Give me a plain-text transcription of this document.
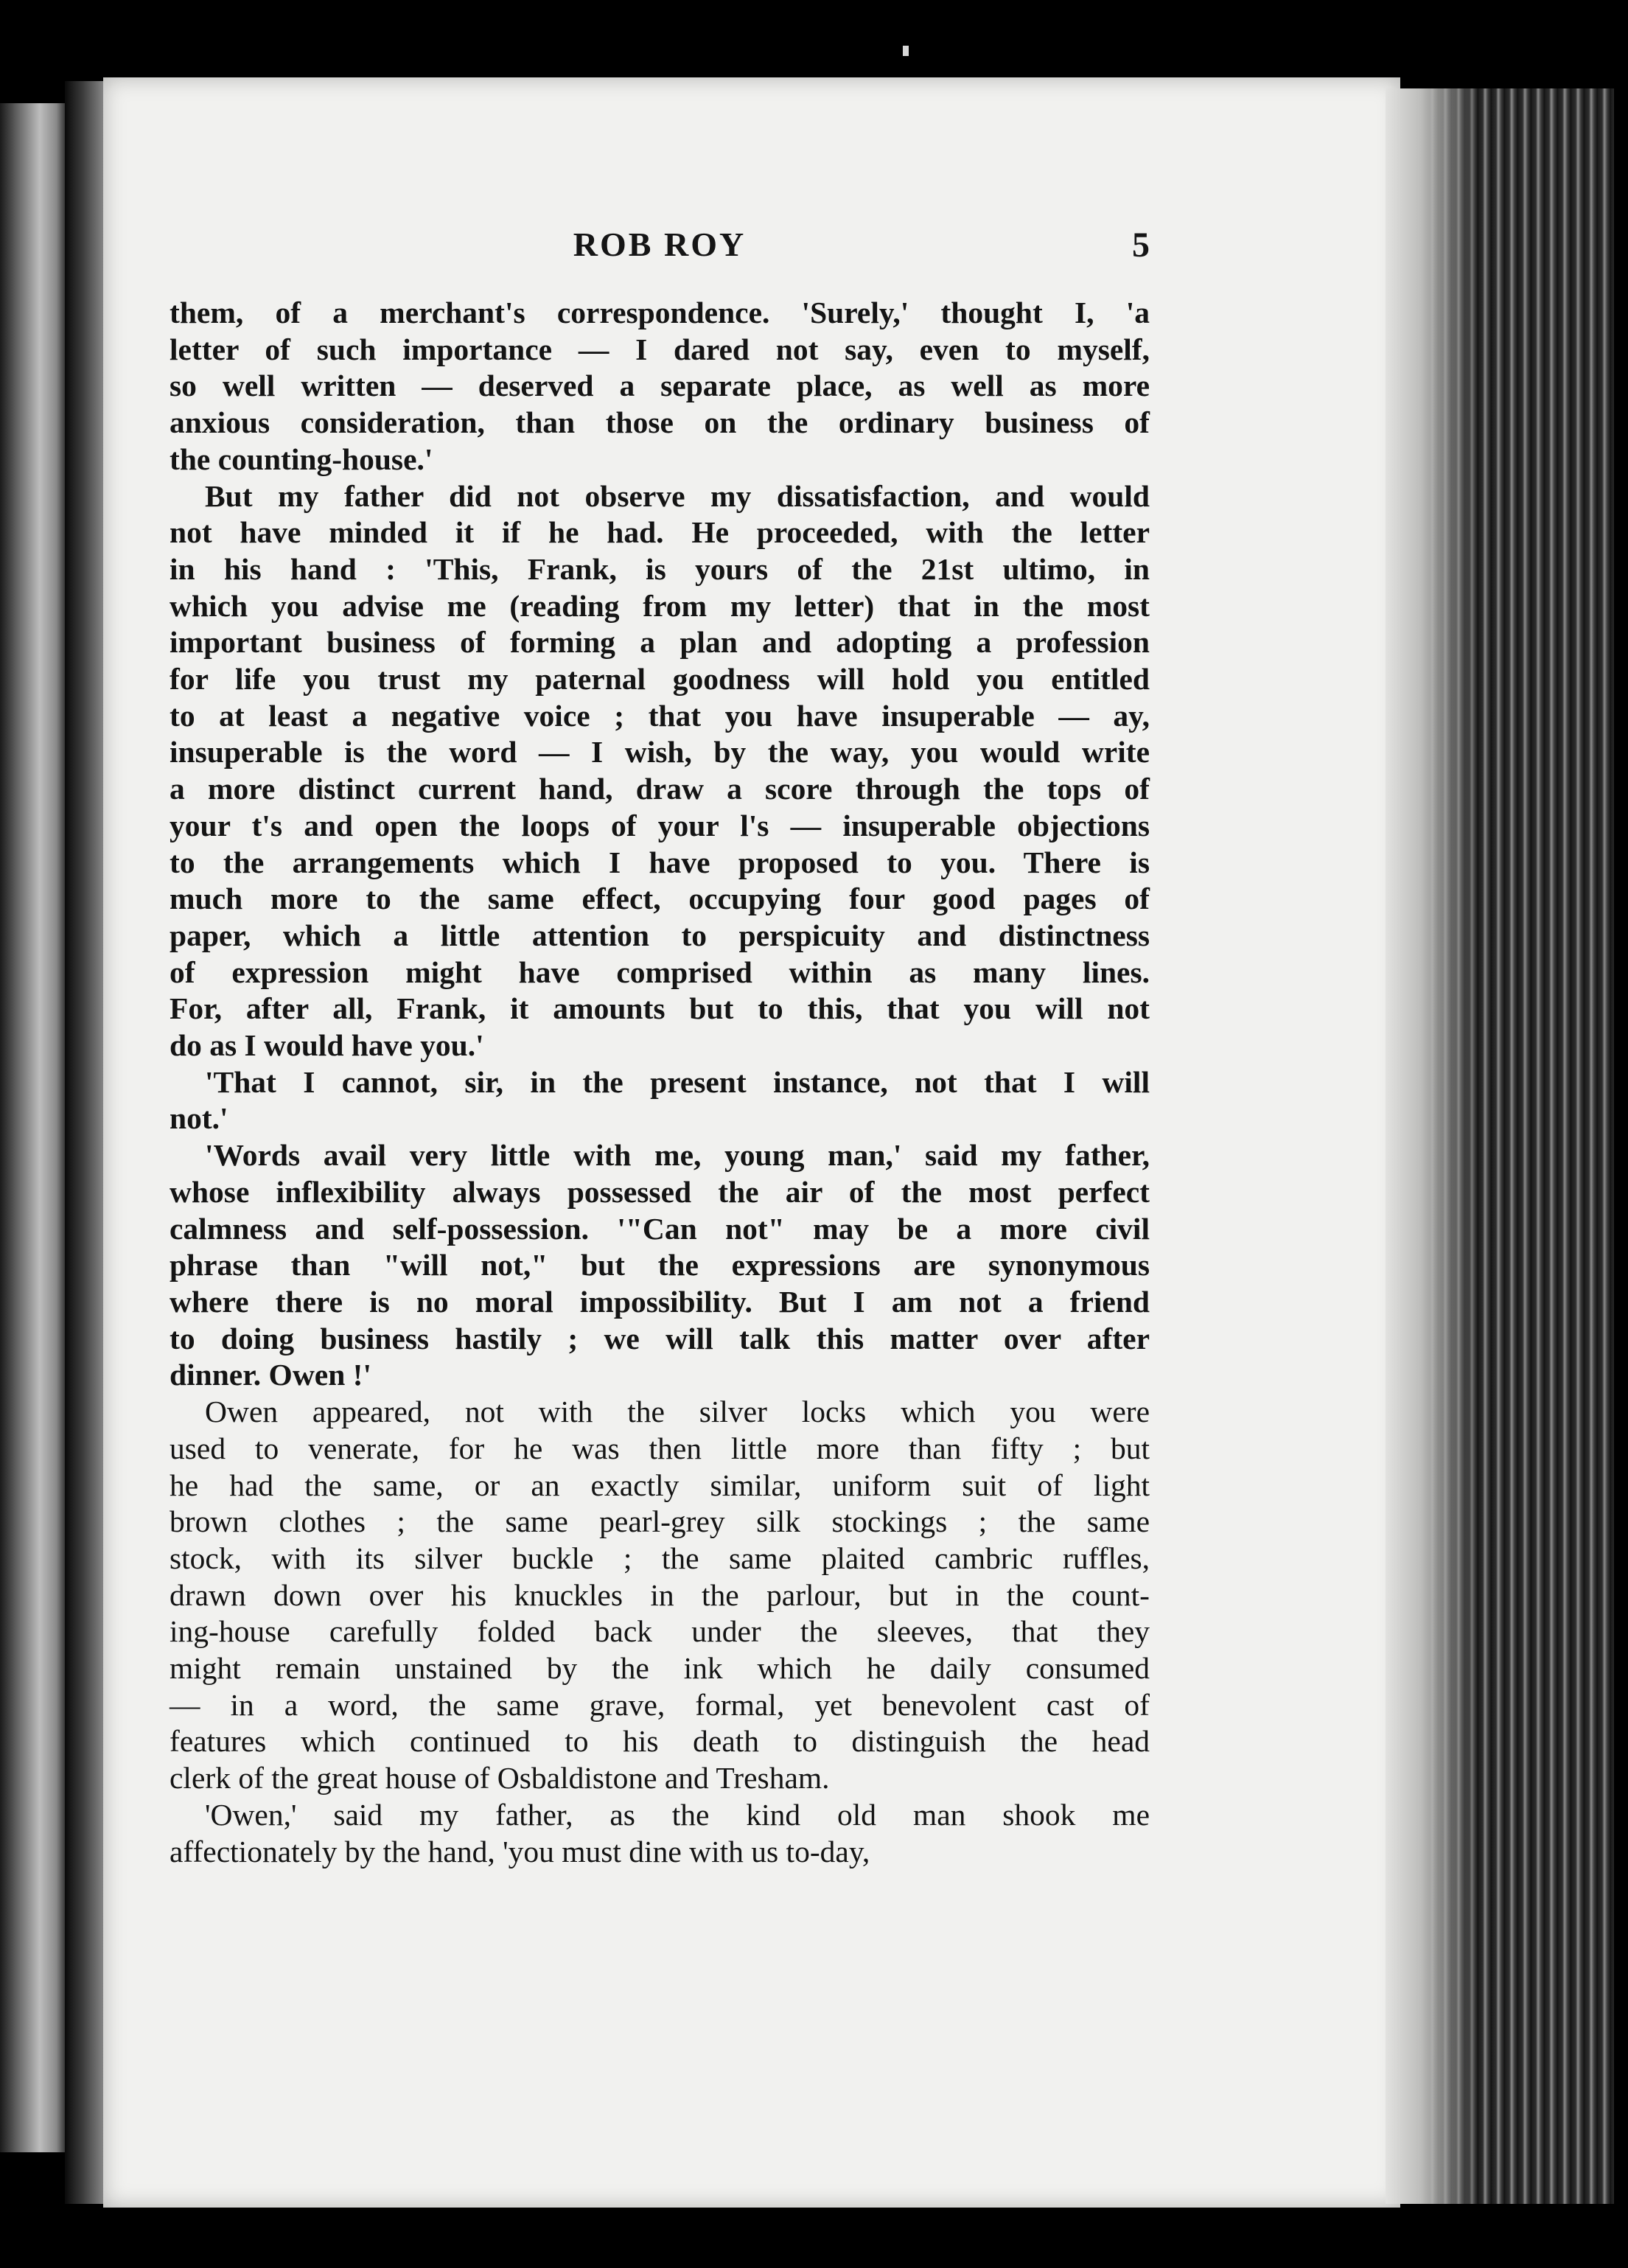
ROB ROY	5

them, of a merchant's correspondence. 'Surely,' thought I, 'a
letter of such importance — I dared not say, even to myself,
so well written — deserved a separate place, as well as more
anxious consideration, than those on the ordinary business of
the counting-house.'

But my father did not observe my dissatisfaction, and would
not have minded it if he had. He proceeded, with the letter
in his hand : 'This, Frank, is yours of the 21st ultimo, in
which you advise me (reading from my letter) that in the most
important business of forming a plan and adopting a profession
for life you trust my paternal goodness will hold you entitled
to at least a negative voice ; that you have insuperable — ay,
insuperable is the word — I wish, by the way, you would write
a more distinct current hand, draw a score through the tops of
your t's and open the loops of your l's — insuperable objections
to the arrangements which I have proposed to you. There is
much more to the same effect, occupying four good pages of
paper, which a little attention to perspicuity and distinctness
of expression might have comprised within as many lines.
For, after all, Frank, it amounts but to this, that you will not
do as I would have you.'

'That I cannot, sir, in the present instance, not that I will
not.'

'Words avail very little with me, young man,' said my father,
whose inflexibility always possessed the air of the most perfect
calmness and self-possession. '"Can not" may be a more civil
phrase than "will not," but the expressions are synonymous
where there is no moral impossibility. But I am not a friend
to doing business hastily ; we will talk this matter over after
dinner. Owen !'

Owen appeared, not with the silver locks which you were
used to venerate, for he was then little more than fifty ; but
he had the same, or an exactly similar, uniform suit of light
brown clothes ; the same pearl-grey silk stockings ; the same
stock, with its silver buckle ; the same plaited cambric ruffles,
drawn down over his knuckles in the parlour, but in the count-
ing-house carefully folded back under the sleeves, that they
might remain unstained by the ink which he daily consumed
— in a word, the same grave, formal, yet benevolent cast of
features which continued to his death to distinguish the head
clerk of the great house of Osbaldistone and Tresham.

'Owen,' said my father, as the kind old man shook me
affectionately by the hand, 'you must dine with us to-day,
